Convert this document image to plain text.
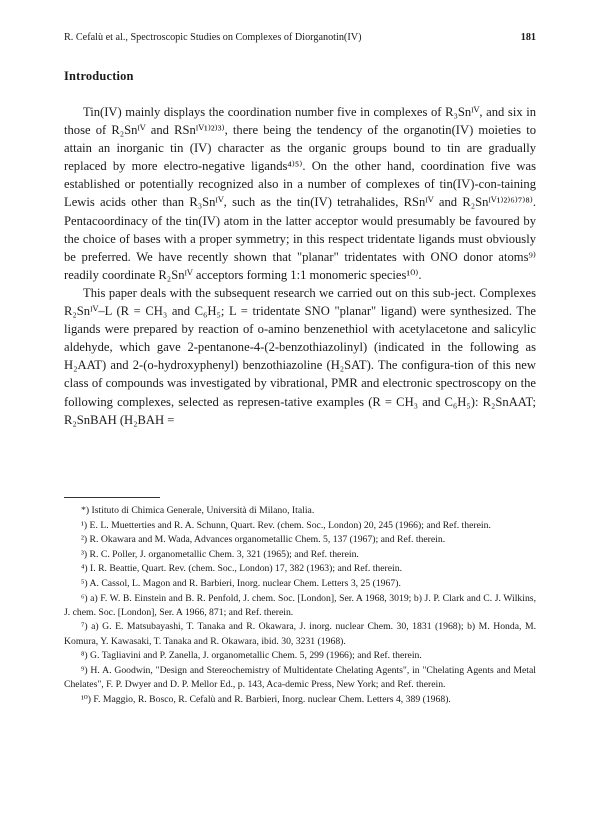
R. Cefalù et al., Spectroscopic Studies on Complexes of Diorganotin(IV)	181
Introduction

Tin(IV) mainly displays the coordination number five in complexes of R₃Snᴵⱽ, and six in those of R₂Snᴵⱽ and RSnᴵⱽ¹⁾²⁾³⁾, there being the tendency of the organotin(IV) moieties to attain an inorganic tin (IV) character as the organic groups bound to tin are gradually replaced by more electro-negative ligands⁴⁾⁵⁾. On the other hand, coordination five was established or potentially recognized also in a number of complexes of tin(IV)-con-taining Lewis acids other than R₃Snᴵⱽ, such as the tin(IV) tetrahalides, RSnᴵⱽ and R₂Snᴵⱽ¹⁾²⁾⁶⁾⁷⁾⁸⁾. Pentacoordinacy of the tin(IV) atom in the latter acceptor would presumably be favoured by the choice of bases with a proper symmetry; in this respect tridentate ligands must obviously be preferred. We have recently shown that "planar" tridentates with ONO donor atoms⁹⁾ readily coordinate R₂Snᴵⱽ acceptors forming 1:1 monomeric species¹⁰⁾.

This paper deals with the subsequent research we carried out on this sub-ject. Complexes R₂Snᴵⱽ–L (R = CH₃ and C₆H₅; L = tridentate SNO "planar" ligand) were synthesized. The ligands were prepared by reaction of o-amino benzenethiol with acetylacetone and salicylic aldehyde, which gave 2-pentanone-4-(2-benzothiazolinyl) (indicated in the following as H₂AAT) and 2-(o-hydroxyphenyl) benzothiazoline (H₂SAT). The configura-tion of this new class of compounds was investigated by vibrational, PMR and electronic spectroscopy on the following complexes, selected as represen-tative examples (R = CH₃ and C₆H₅): R₂SnAAT; R₂SnBAH (H₂BAH =

*) Istituto di Chimica Generale, Università di Milano, Italia.

¹) E. L. Muetterties and R. A. Schunn, Quart. Rev. (chem. Soc., London) 20, 245 (1966); and Ref. therein.

²) R. Okawara and M. Wada, Advances organometallic Chem. 5, 137 (1967); and Ref. therein.

³) R. C. Poller, J. organometallic Chem. 3, 321 (1965); and Ref. therein.

⁴) I. R. Beattie, Quart. Rev. (chem. Soc., London) 17, 382 (1963); and Ref. therein.

⁵) A. Cassol, L. Magon and R. Barbieri, Inorg. nuclear Chem. Letters 3, 25 (1967).

⁶) a) F. W. B. Einstein and B. R. Penfold, J. chem. Soc. [London], Ser. A 1968, 3019; b) J. P. Clark and C. J. Wilkins, J. chem. Soc. [London], Ser. A 1966, 871; and Ref. therein.

⁷) a) G. E. Matsubayashi, T. Tanaka and R. Okawara, J. inorg. nuclear Chem. 30, 1831 (1968); b) M. Honda, M. Komura, Y. Kawasaki, T. Tanaka and R. Okawara, ibid. 30, 3231 (1968).

⁸) G. Tagliavini and P. Zanella, J. organometallic Chem. 5, 299 (1966); and Ref. therein.

⁹) H. A. Goodwin, "Design and Stereochemistry of Multidentate Chelating Agents", in "Chelating Agents and Metal Chelates", F. P. Dwyer and D. P. Mellor Ed., p. 143, Aca-demic Press, New York; and Ref. therein.

¹⁰) F. Maggio, R. Bosco, R. Cefalù and R. Barbieri, Inorg. nuclear Chem. Letters 4, 389 (1968).
